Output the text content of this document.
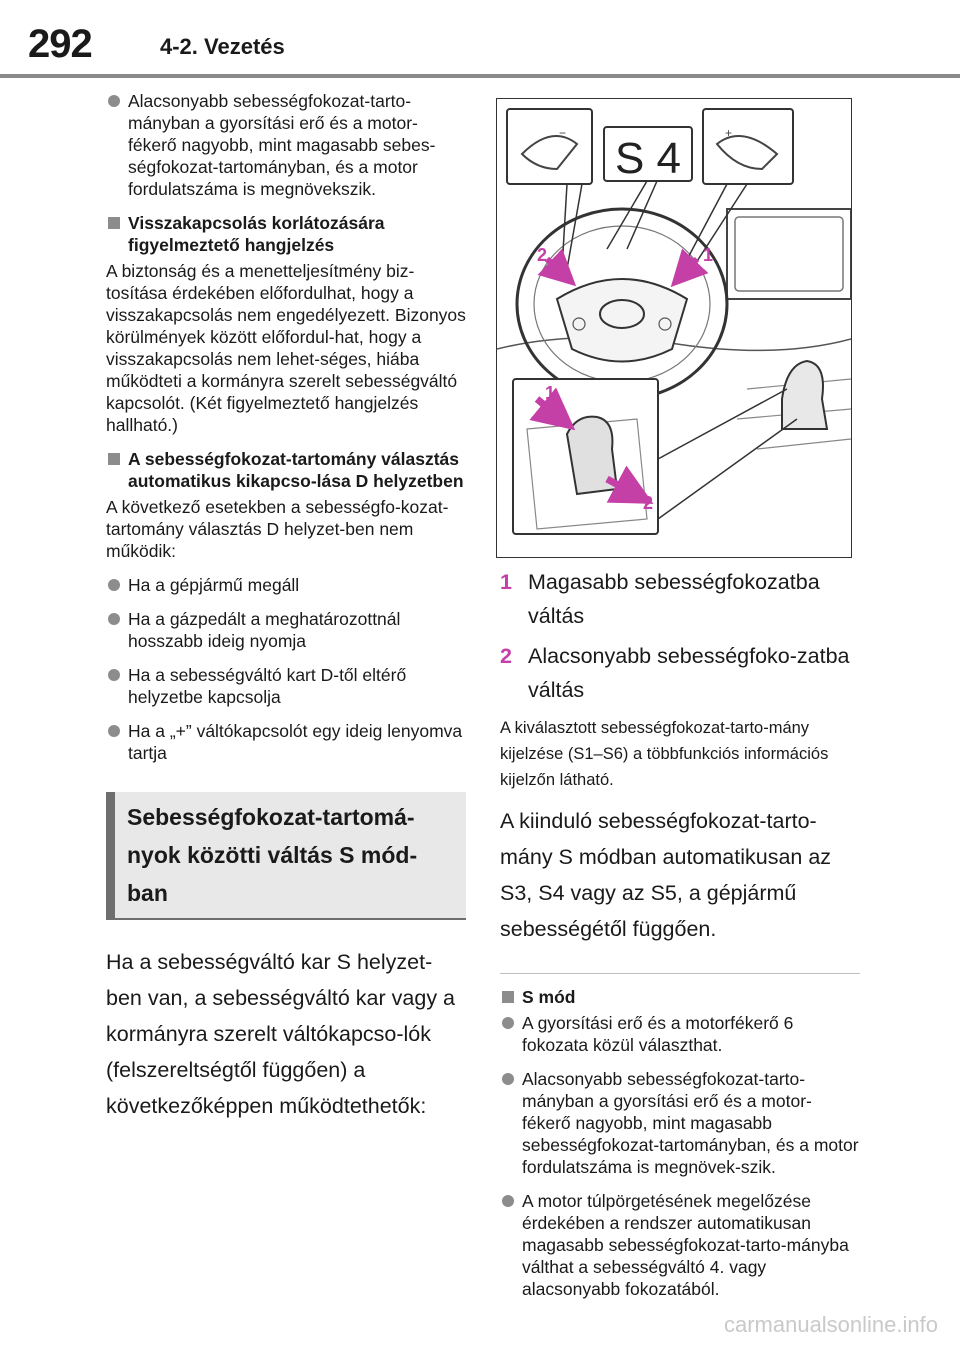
292	4-2. Vezetés
Alacsonyabb sebességfokozat-tarto-mányban a gyorsítási erő és a motor-fékerő nagyobb, mint magasabb sebes-ségfokozat-tartományban, és a motor fordulatszáma is megnövekszik.
Visszakapcsolás korlátozására figyelmeztető hangjelzés
A biztonság és a menetteljesítmény biz-tosítása érdekében előfordulhat, hogy a visszakapcsolás nem engedélyezett. Bizonyos körülmények között előfordul-hat, hogy a visszakapcsolás nem lehet-séges, hiába működteti a kormányra szerelt sebességváltó kapcsolót. (Két figyelmeztető hangjelzés hallható.)
A sebességfokozat-tartomány választás automatikus kikapcso-lása D helyzetben
A következő esetekben a sebességfo-kozat-tartomány választás D helyzet-ben nem működik:
Ha a gépjármű megáll
Ha a gázpedált a meghatározottnál hosszabb ideig nyomja
Ha a sebességváltó kart D-től eltérő helyzetbe kapcsolja
Ha a „+” váltókapcsolót egy ideig lenyomva tartja
Sebességfokozat-tartomá-nyok közötti váltás S mód-ban
Ha a sebességváltó kar S helyzet-ben van, a sebességváltó kar vagy a kormányra szerelt váltókapcso-lók (felszereltségtől függően) a következőképpen működtethetők:
−	+
S 4
2	1
1
2
1 Magasabb sebességfokozatba váltás
2 Alacsonyabb sebességfoko-zatba váltás
A kiválasztott sebességfokozat-tarto-mány kijelzése (S1–S6) a többfunkciós információs kijelzőn látható.
A kiinduló sebességfokozat-tarto-mány S módban automatikusan az S3, S4 vagy az S5, a gépjármű sebességétől függően.
S mód
A gyorsítási erő és a motorfékerő 6 fokozata közül választhat.
Alacsonyabb sebességfokozat-tarto-mányban a gyorsítási erő és a motor-fékerő nagyobb, mint magasabb sebességfokozat-tartományban, és a motor fordulatszáma is megnövek-szik.
A motor túlpörgetésének megelőzése érdekében a rendszer automatikusan magasabb sebességfokozat-tarto-mányba válthat a sebességváltó 4. vagy alacsonyabb fokozatából.
carmanualsonline.info
